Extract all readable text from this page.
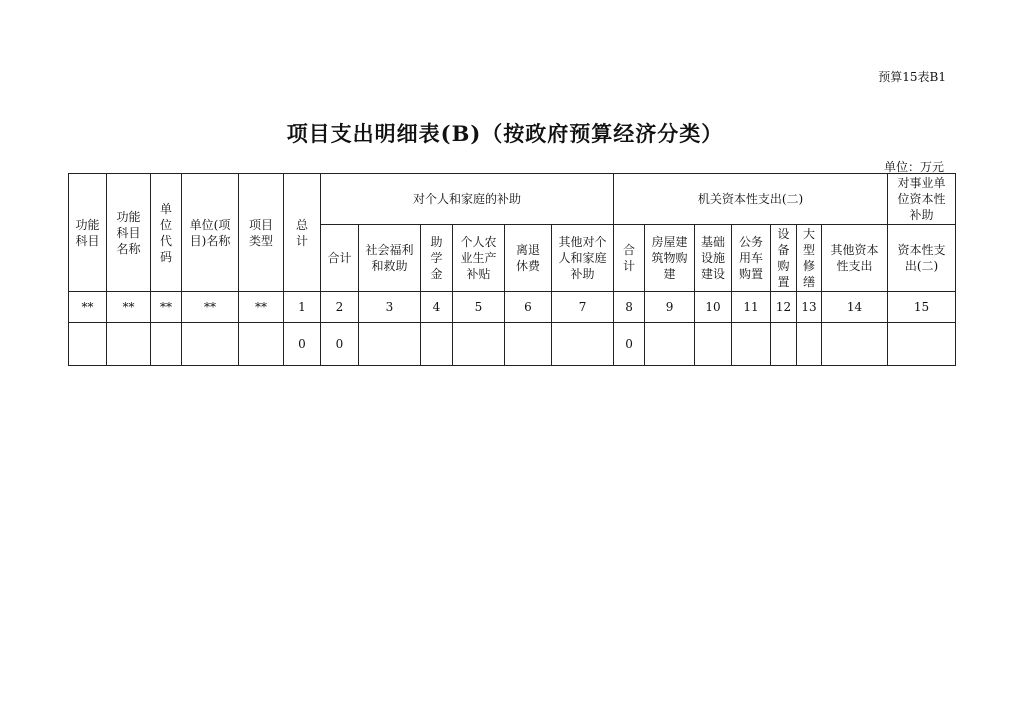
预算15表B1
项目支出明细表(B)（按政府预算经济分类）
单位：万元
功能
科目	功能
科目
名称	单
位
代
码	单位(项
目)名称	项目
类型	总
计	对个人和家庭的补助						机关资本性支出(二)							对事业单
位资本性
补助
						合计	社会福利
和救助	助
学
金	个人农
业生产
补贴	离退
休费	其他对个
人和家庭
补助	合
计	房屋建
筑物购
建	基础
设施
建设	公务
用车
购置	设
备
购
置	大
型
修
缮	其他资本
性支出	资本性支
出(二)
**	**	**	**	**	1	2	3	4	5	6	7	8	9	10	11	12	13	14	15
					0	0						0							
